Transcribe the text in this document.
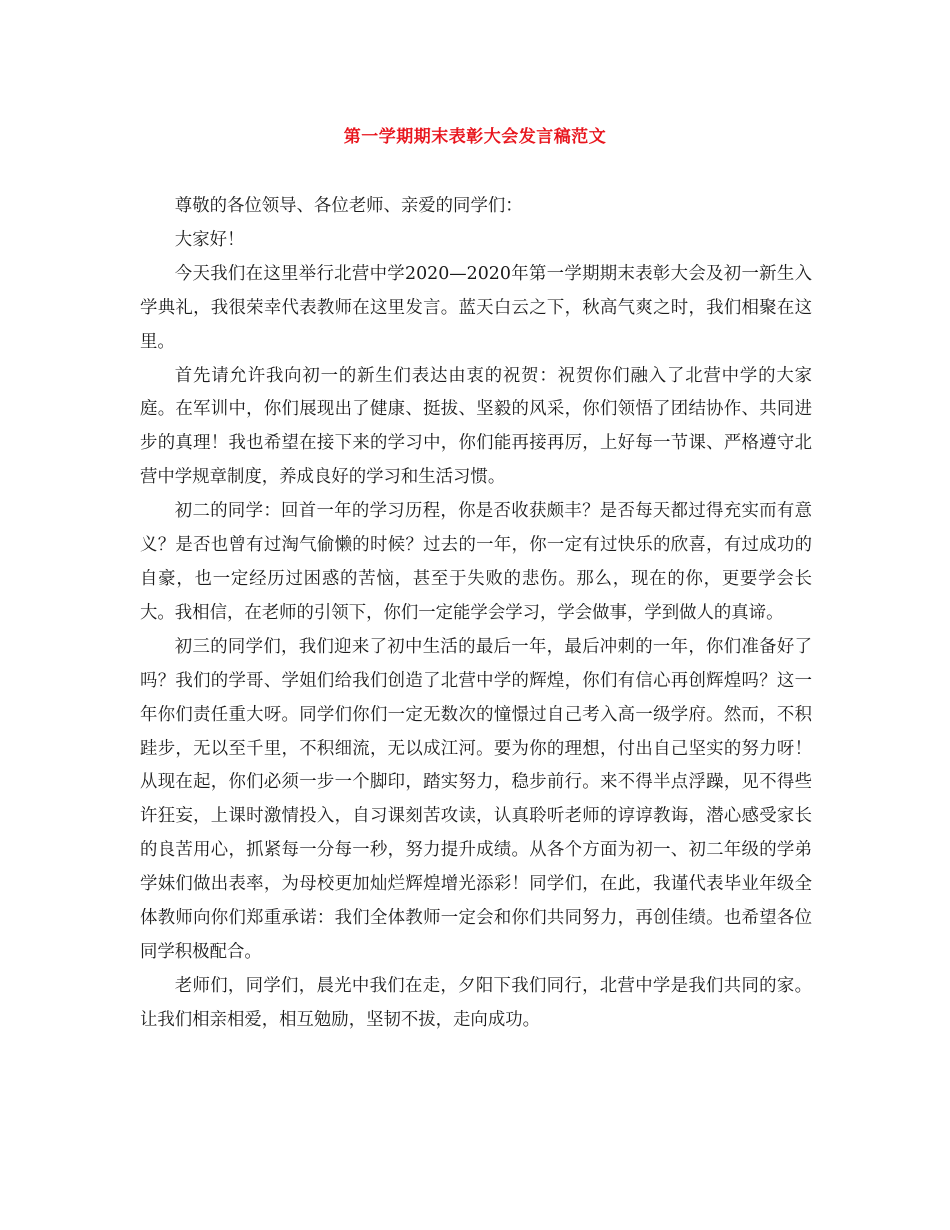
第一学期期末表彰大会发言稿范文

尊敬的各位领导、各位老师、亲爱的同学们：

大家好！

今天我们在这里举行北营中学2020—2020年第一学期期末表彰大会及初一新生入学典礼，我很荣幸代表教师在这里发言。蓝天白云之下，秋高气爽之时，我们相聚在这里。

首先请允许我向初一的新生们表达由衷的祝贺：祝贺你们融入了北营中学的大家庭。在军训中，你们展现出了健康、挺拔、坚毅的风采，你们领悟了团结协作、共同进步的真理！我也希望在接下来的学习中，你们能再接再厉，上好每一节课、严格遵守北营中学规章制度，养成良好的学习和生活习惯。

初二的同学：回首一年的学习历程，你是否收获颇丰？是否每天都过得充实而有意义？是否也曾有过淘气偷懒的时候？过去的一年，你一定有过快乐的欣喜，有过成功的自豪，也一定经历过困惑的苦恼，甚至于失败的悲伤。那么，现在的你，更要学会长大。我相信，在老师的引领下，你们一定能学会学习，学会做事，学到做人的真谛。

初三的同学们，我们迎来了初中生活的最后一年，最后冲刺的一年，你们准备好了吗？我们的学哥、学姐们给我们创造了北营中学的辉煌，你们有信心再创辉煌吗？这一年你们责任重大呀。同学们你们一定无数次的憧憬过自己考入高一级学府。然而，不积跬步，无以至千里，不积细流，无以成江河。要为你的理想，付出自己坚实的努力呀！从现在起，你们必须一步一个脚印，踏实努力，稳步前行。来不得半点浮躁，见不得些许狂妄，上课时激情投入，自习课刻苦攻读，认真聆听老师的谆谆教诲，潜心感受家长的良苦用心，抓紧每一分每一秒，努力提升成绩。从各个方面为初一、初二年级的学弟学妹们做出表率，为母校更加灿烂辉煌增光添彩！同学们，在此，我谨代表毕业年级全体教师向你们郑重承诺：我们全体教师一定会和你们共同努力，再创佳绩。也希望各位同学积极配合。

老师们，同学们，晨光中我们在走，夕阳下我们同行，北营中学是我们共同的家。让我们相亲相爱，相互勉励，坚韧不拔，走向成功。
